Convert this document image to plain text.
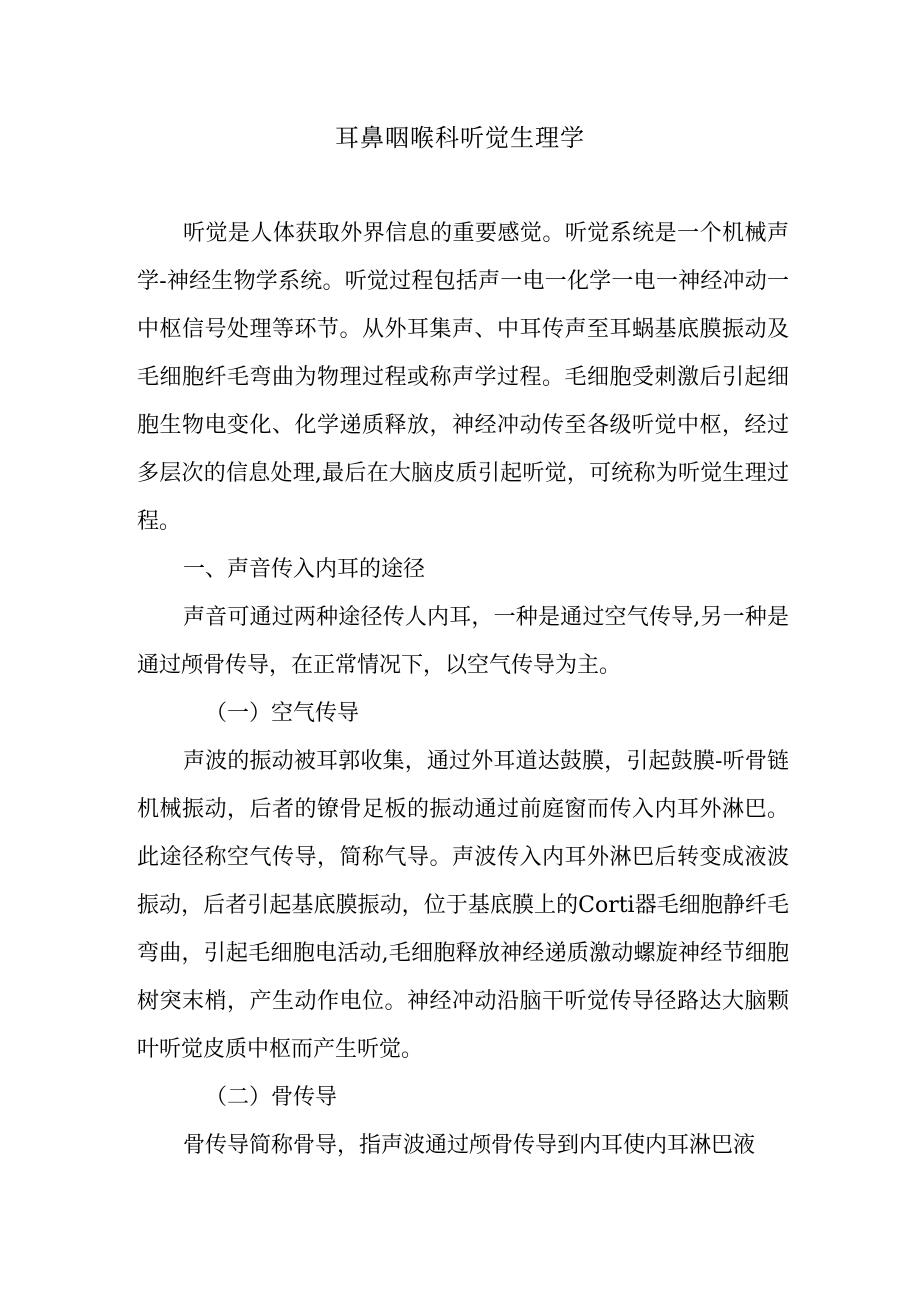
耳鼻咽喉科听觉生理学

听觉是人体获取外界信息的重要感觉。听觉系统是一个机械声学-神经生物学系统。听觉过程包括声一电一化学一电一神经冲动一中枢信号处理等环节。从外耳集声、中耳传声至耳蜗基底膜振动及毛细胞纤毛弯曲为物理过程或称声学过程。毛细胞受刺激后引起细胞生物电变化、化学递质释放，神经冲动传至各级听觉中枢，经过多层次的信息处理,最后在大脑皮质引起听觉，可统称为听觉生理过程。

一、声音传入内耳的途径

声音可通过两种途径传人内耳，一种是通过空气传导,另一种是通过颅骨传导，在正常情况下，以空气传导为主。

（一）空气传导

声波的振动被耳郭收集，通过外耳道达鼓膜，引起鼓膜-听骨链机械振动，后者的镣骨足板的振动通过前庭窗而传入内耳外淋巴。此途径称空气传导，简称气导。声波传入内耳外淋巴后转变成液波振动，后者引起基底膜振动，位于基底膜上的Corti器毛细胞静纤毛弯曲，引起毛细胞电活动,毛细胞释放神经递质激动螺旋神经节细胞树突末梢，产生动作电位。神经冲动沿脑干听觉传导径路达大脑颗叶听觉皮质中枢而产生听觉。

（二）骨传导

骨传导简称骨导，指声波通过颅骨传导到内耳使内耳淋巴液
